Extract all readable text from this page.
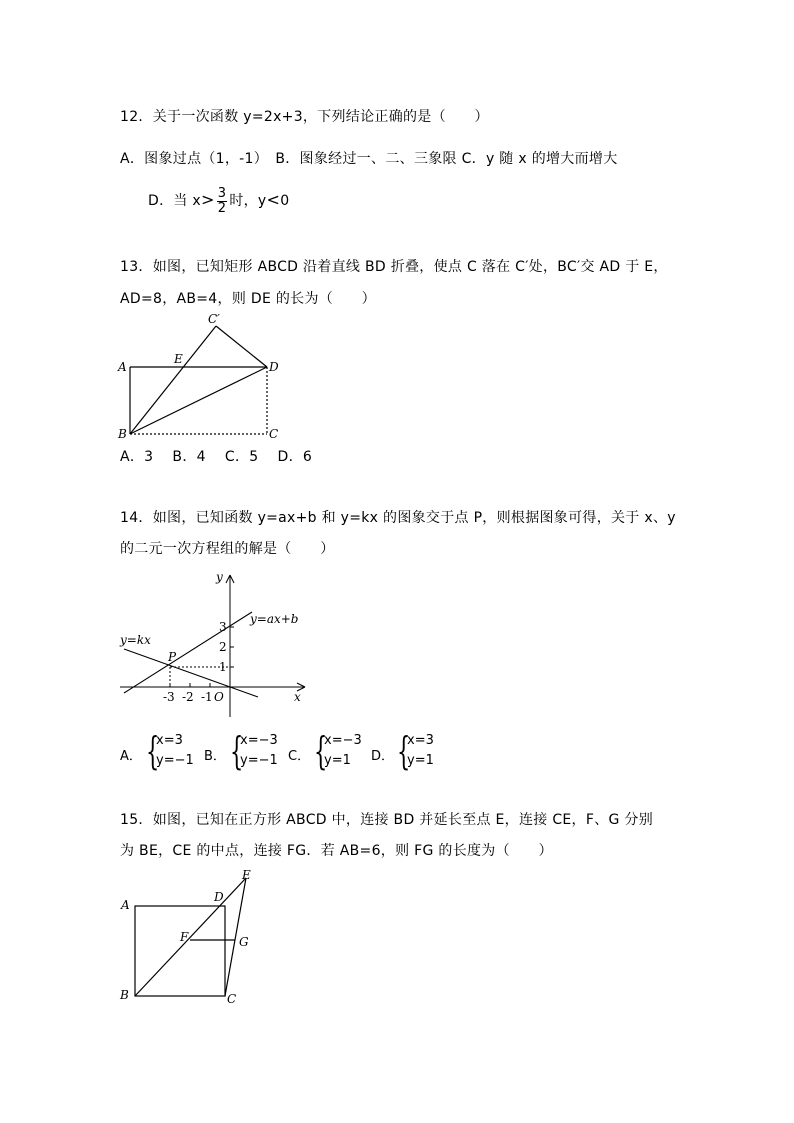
12．关于一次函数 y=2x+3，下列结论正确的是（　　）
A．图象过点（1，-1）　B．图象经过一、二、三象限 C．y 随 x 的增大而增大
D．当 $x> \frac{3}{2}$ 时，y<0
13．如图，已知矩形 ABCD 沿着直线 BD 折叠，使点 C 落在 C′处，BC′交 AD 于 E，
AD=8，AB=4，则 DE 的长为（　　）
A
B	C
D
E
C′
A．3　 B．4　 C．5　 D．6
14．如图，已知函数 y=ax+b 和 y=kx 的图象交于点 P，则根据图象可得，关于 x、y
的二元一次方程组的解是（　　）
y
x
O
P
y=ax+b
y=kx
3
2
1
-3 -2 -1
A． {
x=3
y=−1 B． {
x=−3
y=−1 C． {
x=−3
y=1 D． {
x=3
y=1
15．如图，已知在正方形 ABCD 中，连接 BD 并延长至点 E，连接 CE，F、G 分别
为 BE，CE 的中点，连接 FG．若 AB=6，则 FG 的长度为（　　）
A
B	C
D
E
F	G
